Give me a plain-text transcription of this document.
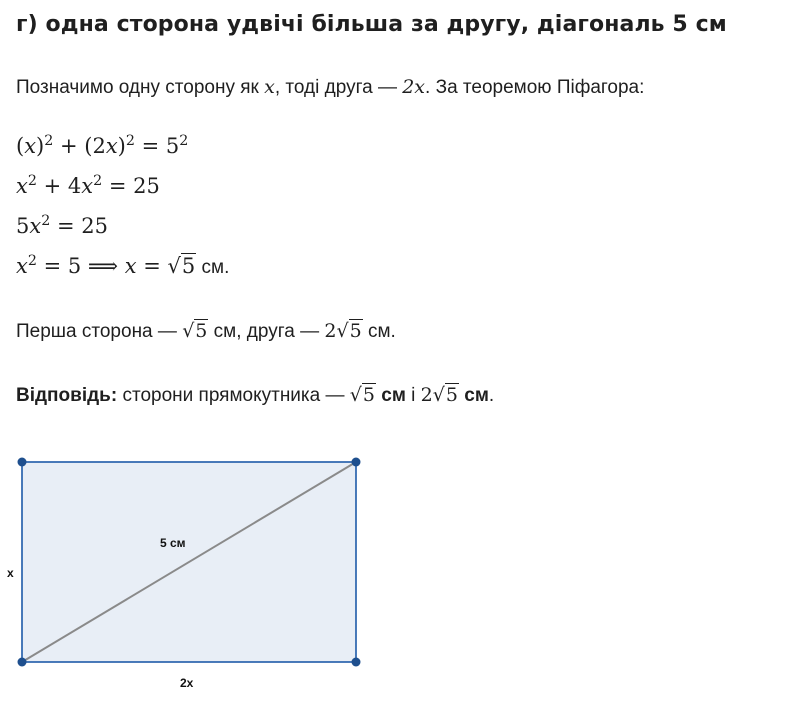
г) одна сторона удвічі більша за другу, діагональ 5 см
Позначимо одну сторону як x, тоді друга — 2x. За теоремою Піфагора:
$(x)^2 + (2x)^2 = 5^2$
$x^2 + 4x^2 = 25$
$5x^2 = 25$
$x^2 = 5$ ⟹ x = √5 см.
Перша сторона — √5 см, друга — 2√5 см.
Відповідь: сторони прямокутника — √5 см і 2√5 см.
5 см
x
2x
